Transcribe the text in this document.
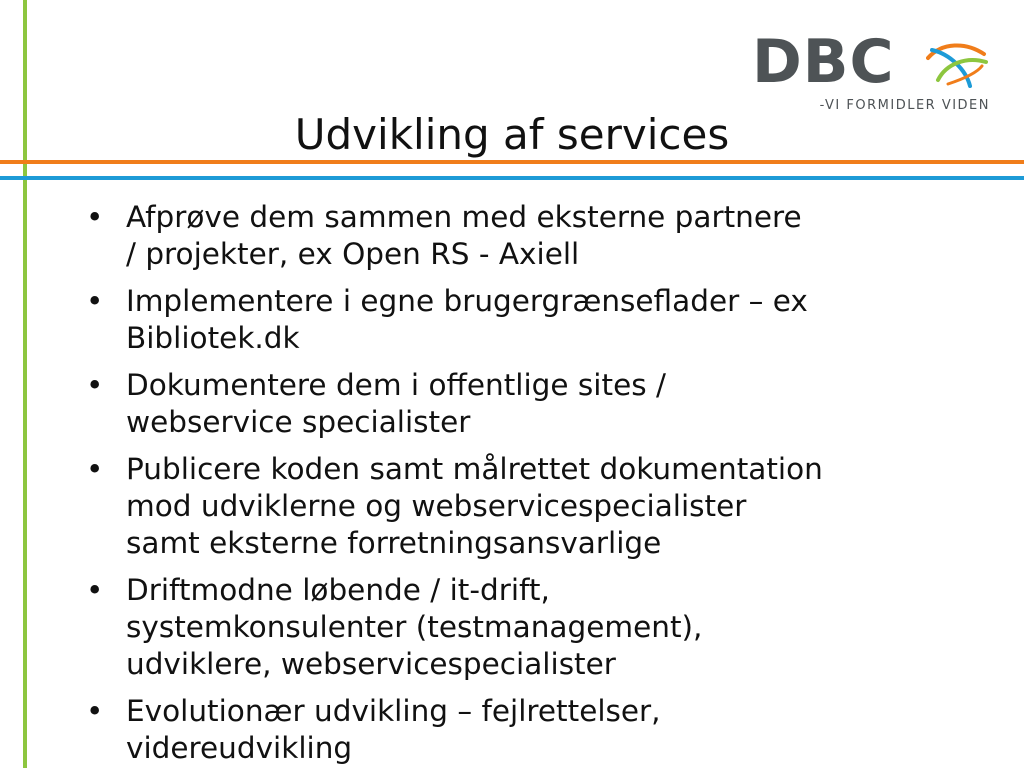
DBC
-VI FORMIDLER VIDEN
Udvikling af services
• Afprøve dem sammen med eksterne partnere
/ projekter, ex Open RS - Axiell
• Implementere i egne brugergrænseflader – ex
Bibliotek.dk
• Dokumentere dem i offentlige sites /
webservice specialister
• Publicere koden samt målrettet dokumentation
mod udviklerne og webservicespecialister
samt eksterne forretningsansvarlige
• Driftmodne løbende / it-drift,
systemkonsulenter (testmanagement),
udviklere, webservicespecialister
• Evolutionær udvikling – fejlrettelser,
videreudvikling
